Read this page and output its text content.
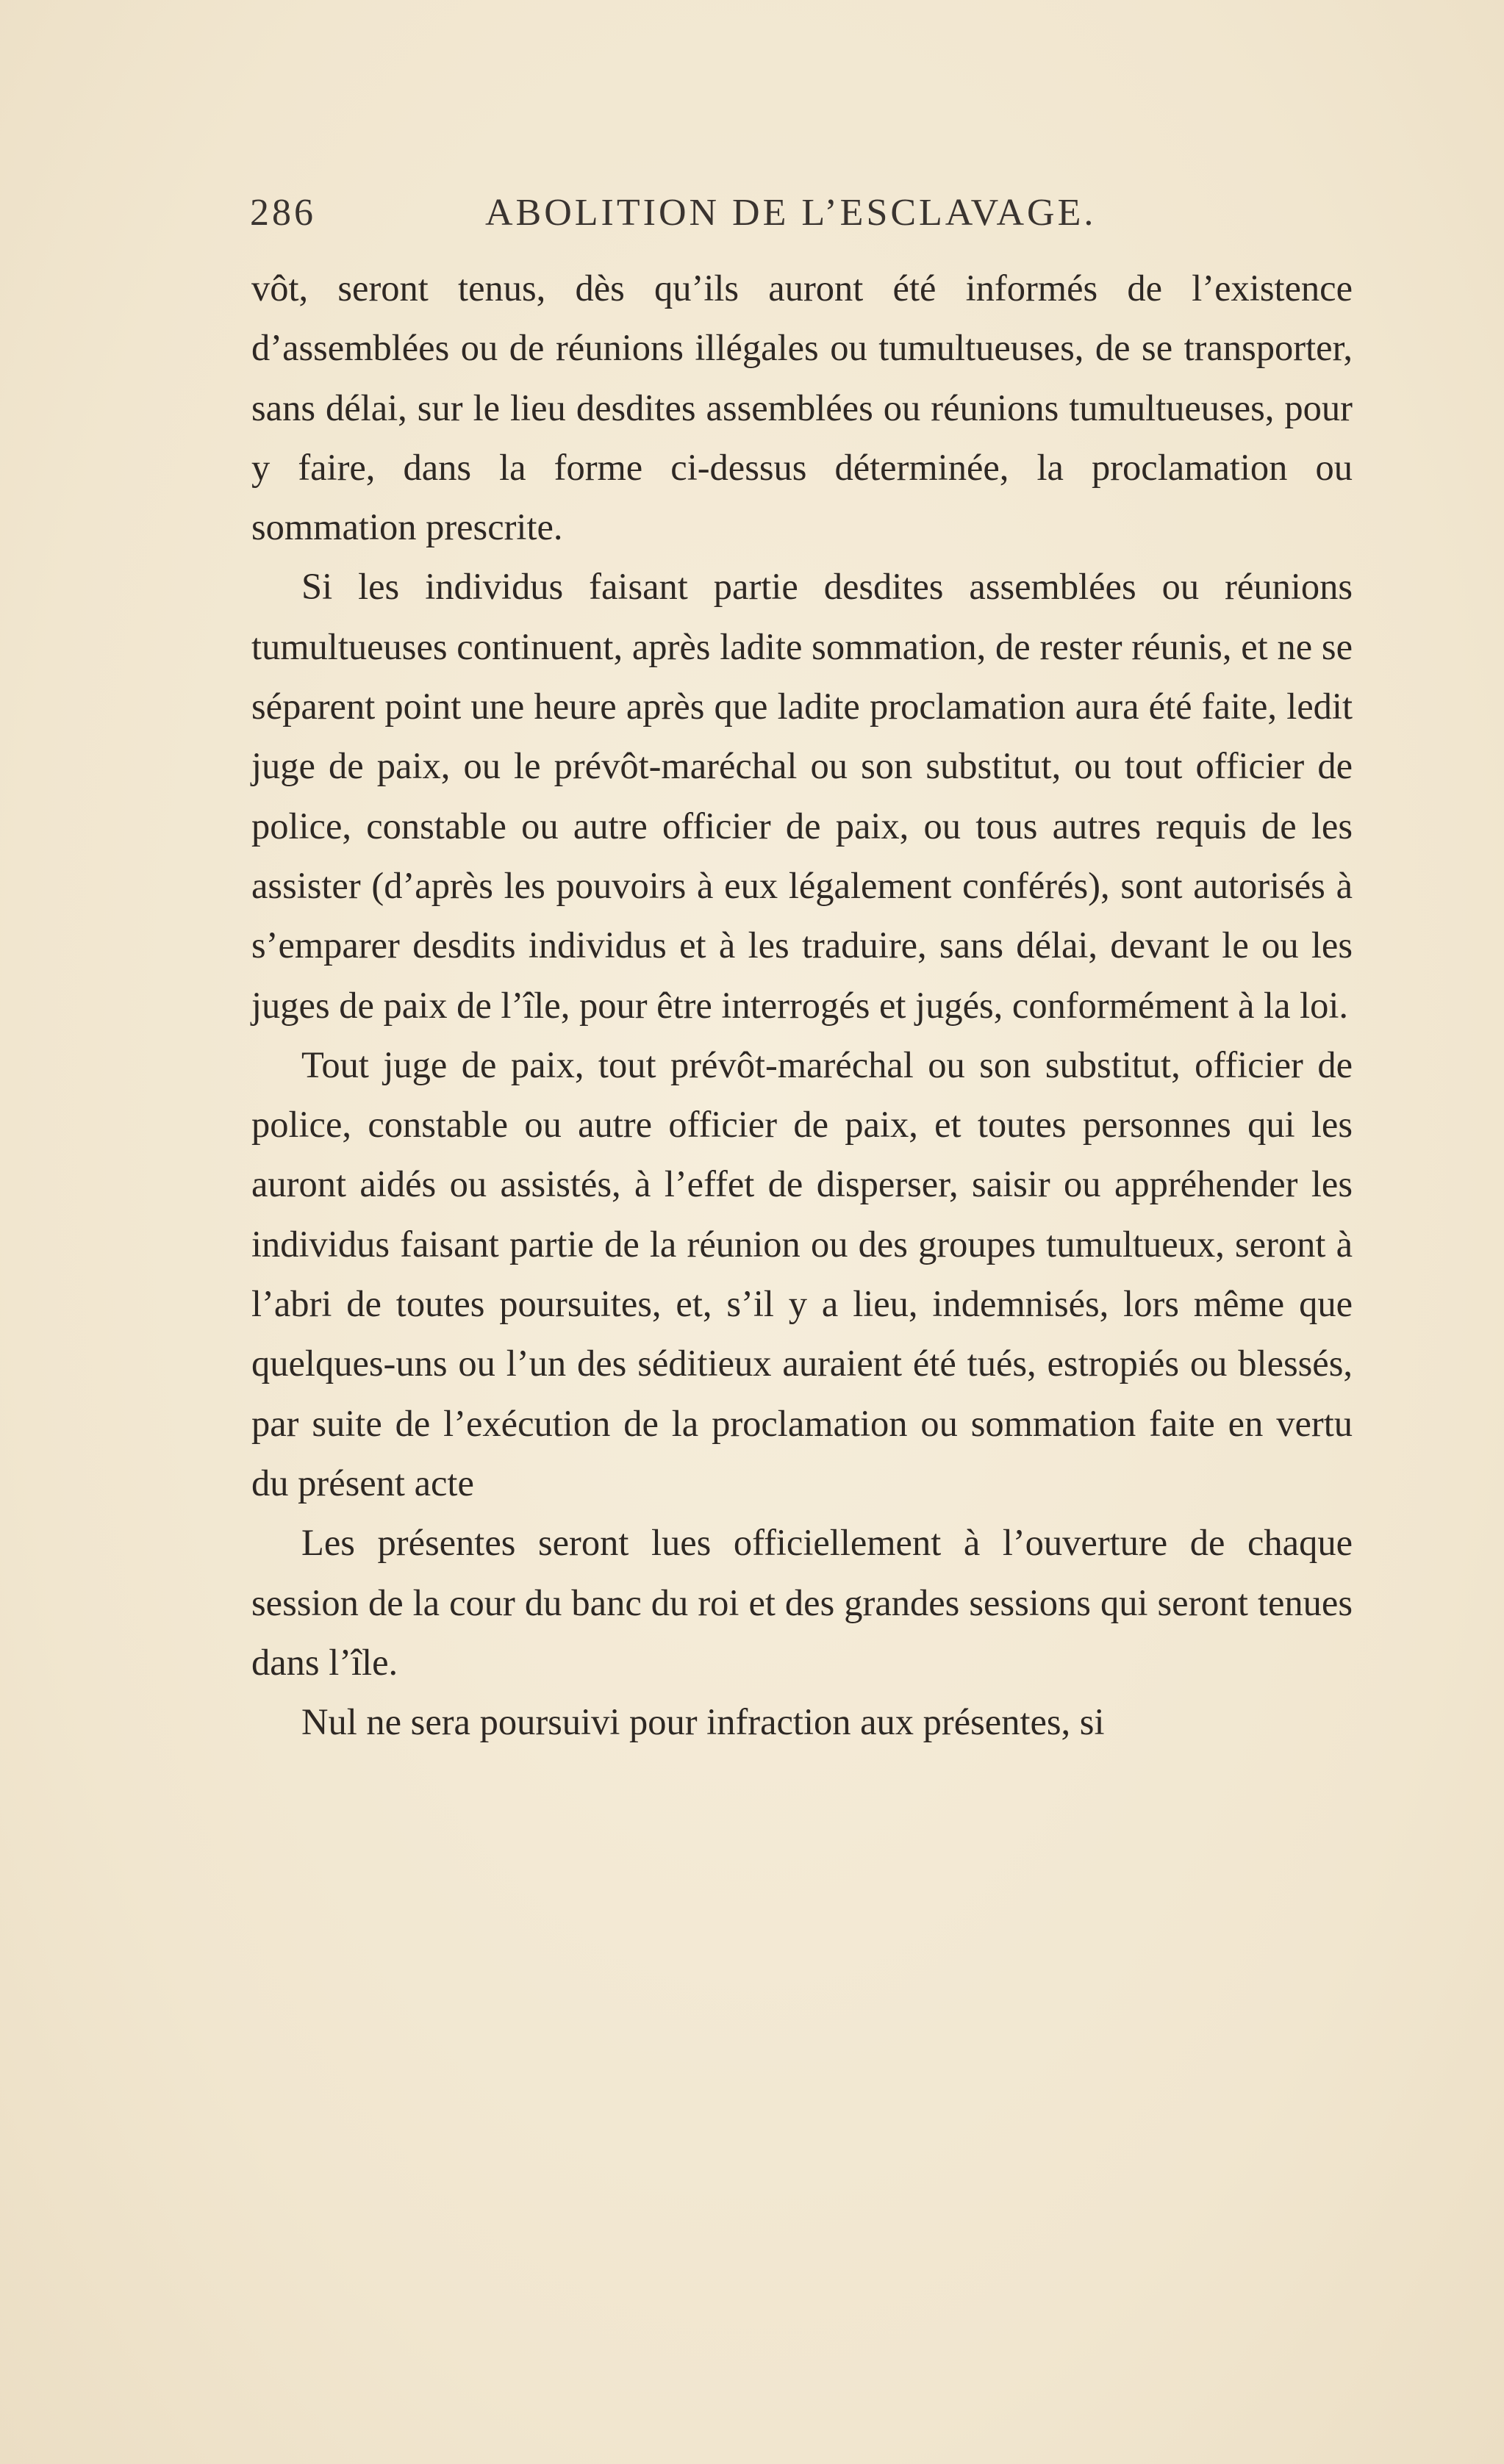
286	ABOLITION DE L’ESCLAVAGE.

vôt, seront tenus, dès qu’ils auront été informés de l’existence d’assemblées ou de réunions illégales ou tumultueuses, de se transporter, sans délai, sur le lieu desdites assemblées ou réunions tumultueuses, pour y faire, dans la forme ci-dessus déterminée, la proclamation ou sommation prescrite.

Si les individus faisant partie desdites assemblées ou réunions tumultueuses continuent, après ladite sommation, de rester réunis, et ne se séparent point une heure après que ladite proclamation aura été faite, ledit juge de paix, ou le prévôt-maréchal ou son substitut, ou tout officier de police, constable ou autre officier de paix, ou tous autres requis de les assister (d’après les pouvoirs à eux légalement conférés), sont autorisés à s’emparer desdits individus et à les traduire, sans délai, devant le ou les juges de paix de l’île, pour être interrogés et jugés, conformément à la loi.

Tout juge de paix, tout prévôt-maréchal ou son substitut, officier de police, constable ou autre officier de paix, et toutes personnes qui les auront aidés ou assistés, à l’effet de disperser, saisir ou appréhender les individus faisant partie de la réunion ou des groupes tumultueux, seront à l’abri de toutes poursuites, et, s’il y a lieu, indemnisés, lors même que quelques-uns ou l’un des séditieux auraient été tués, estropiés ou blessés, par suite de l’exécution de la proclamation ou sommation faite en vertu du présent acte

Les présentes seront lues officiellement à l’ouverture de chaque session de la cour du banc du roi et des grandes sessions qui seront tenues dans l’île.

Nul ne sera poursuivi pour infraction aux présentes, si
